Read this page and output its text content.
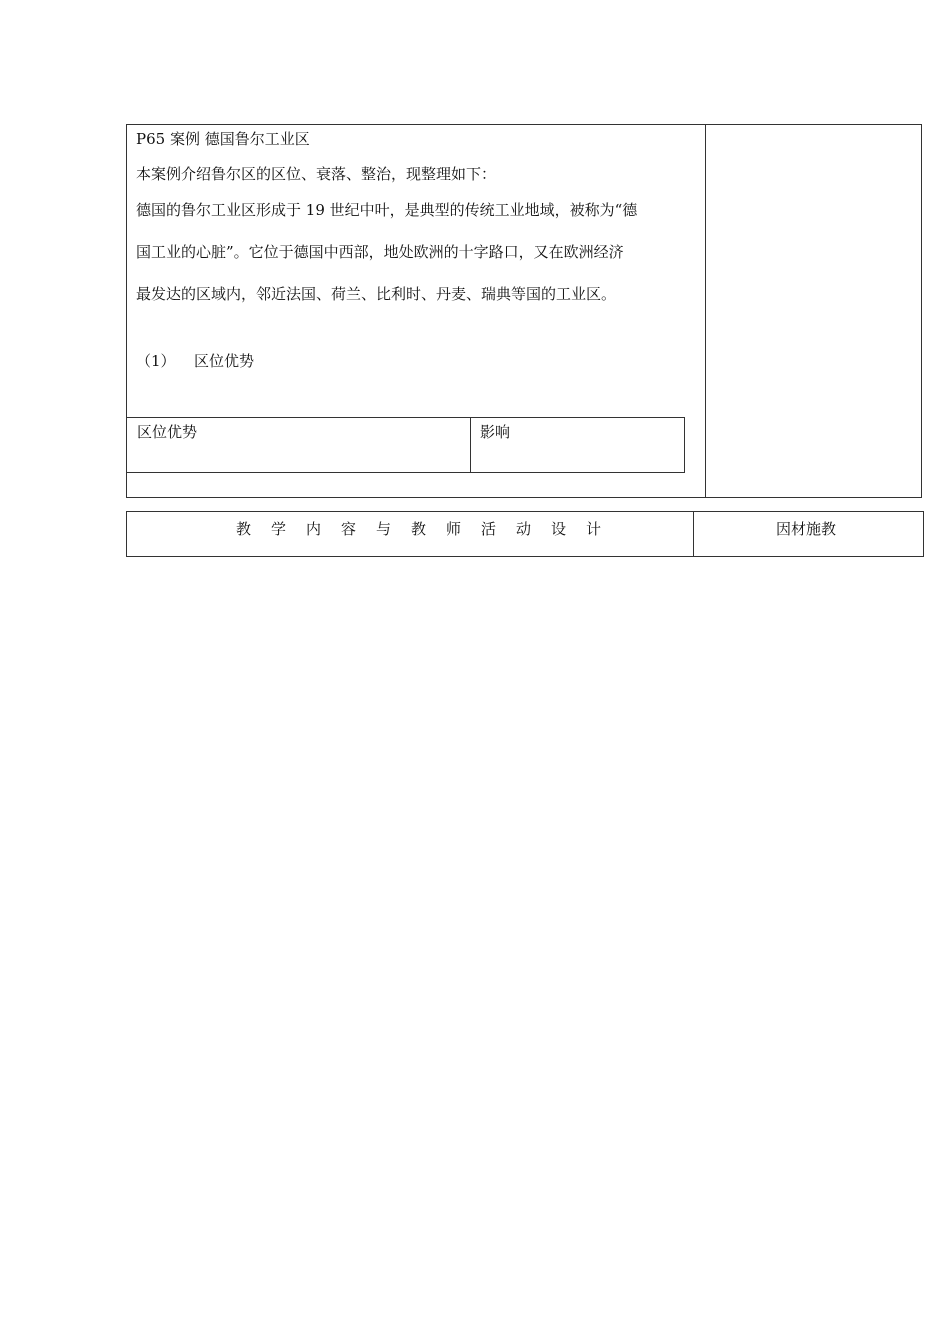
P65 案例 德国鲁尔工业区
本案例介绍鲁尔区的区位、衰落、整治，现整理如下：
德国的鲁尔工业区形成于 19 世纪中叶，是典型的传统工业地域，被称为“德
国工业的心脏”。它位于德国中西部，地处欧洲的十字路口，又在欧洲经济
最发达的区域内，邻近法国、荷兰、比利时、丹麦、瑞典等国的工业区。
（1） 区位优势
区位优势	影响
教学内容与教师活动设计	因材施教
